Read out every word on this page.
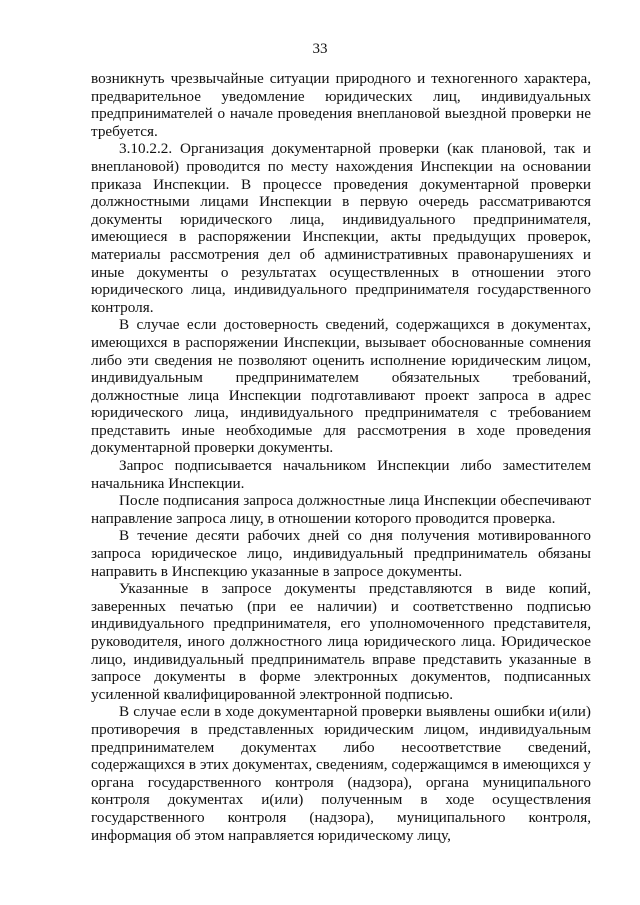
33

возникнуть чрезвычайные ситуации природного и техногенного характера, предварительное уведомление юридических лиц, индивидуальных предпринимателей о начале проведения внеплановой выездной проверки не требуется.

3.10.2.2. Организация документарной проверки (как плановой, так и внеплановой) проводится по месту нахождения Инспекции на основании приказа Инспекции. В процессе проведения документарной проверки должностными лицами Инспекции в первую очередь рассматриваются документы юридического лица, индивидуального предпринимателя, имеющиеся в распоряжении Инспекции, акты предыдущих проверок, материалы рассмотрения дел об административных правонарушениях и иные документы о результатах осуществленных в отношении этого юридического лица, индивидуального предпринимателя государственного контроля.

В случае если достоверность сведений, содержащихся в документах, имеющихся в распоряжении Инспекции, вызывает обоснованные сомнения либо эти сведения не позволяют оценить исполнение юридическим лицом, индивидуальным предпринимателем обязательных требований, должностные лица Инспекции подготавливают проект запроса в адрес юридического лица, индивидуального предпринимателя с требованием представить иные необходимые для рассмотрения в ходе проведения документарной проверки документы.

Запрос подписывается начальником Инспекции либо заместителем начальника Инспекции.

После подписания запроса должностные лица Инспекции обеспечивают направление запроса лицу, в отношении которого проводится проверка.

В течение десяти рабочих дней со дня получения мотивированного запроса юридическое лицо, индивидуальный предприниматель обязаны направить в Инспекцию указанные в запросе документы.

Указанные в запросе документы представляются в виде копий, заверенных печатью (при ее наличии) и соответственно подписью индивидуального предпринимателя, его уполномоченного представителя, руководителя, иного должностного лица юридического лица. Юридическое лицо, индивидуальный предприниматель вправе представить указанные в запросе документы в форме электронных документов, подписанных усиленной квалифицированной электронной подписью.

В случае если в ходе документарной проверки выявлены ошибки и(или) противоречия в представленных юридическим лицом, индивидуальным предпринимателем документах либо несоответствие сведений, содержащихся в этих документах, сведениям, содержащимся в имеющихся у органа государственного контроля (надзора), органа муниципального контроля документах и(или) полученным в ходе осуществления государственного контроля (надзора), муниципального контроля, информация об этом направляется юридическому лицу,
